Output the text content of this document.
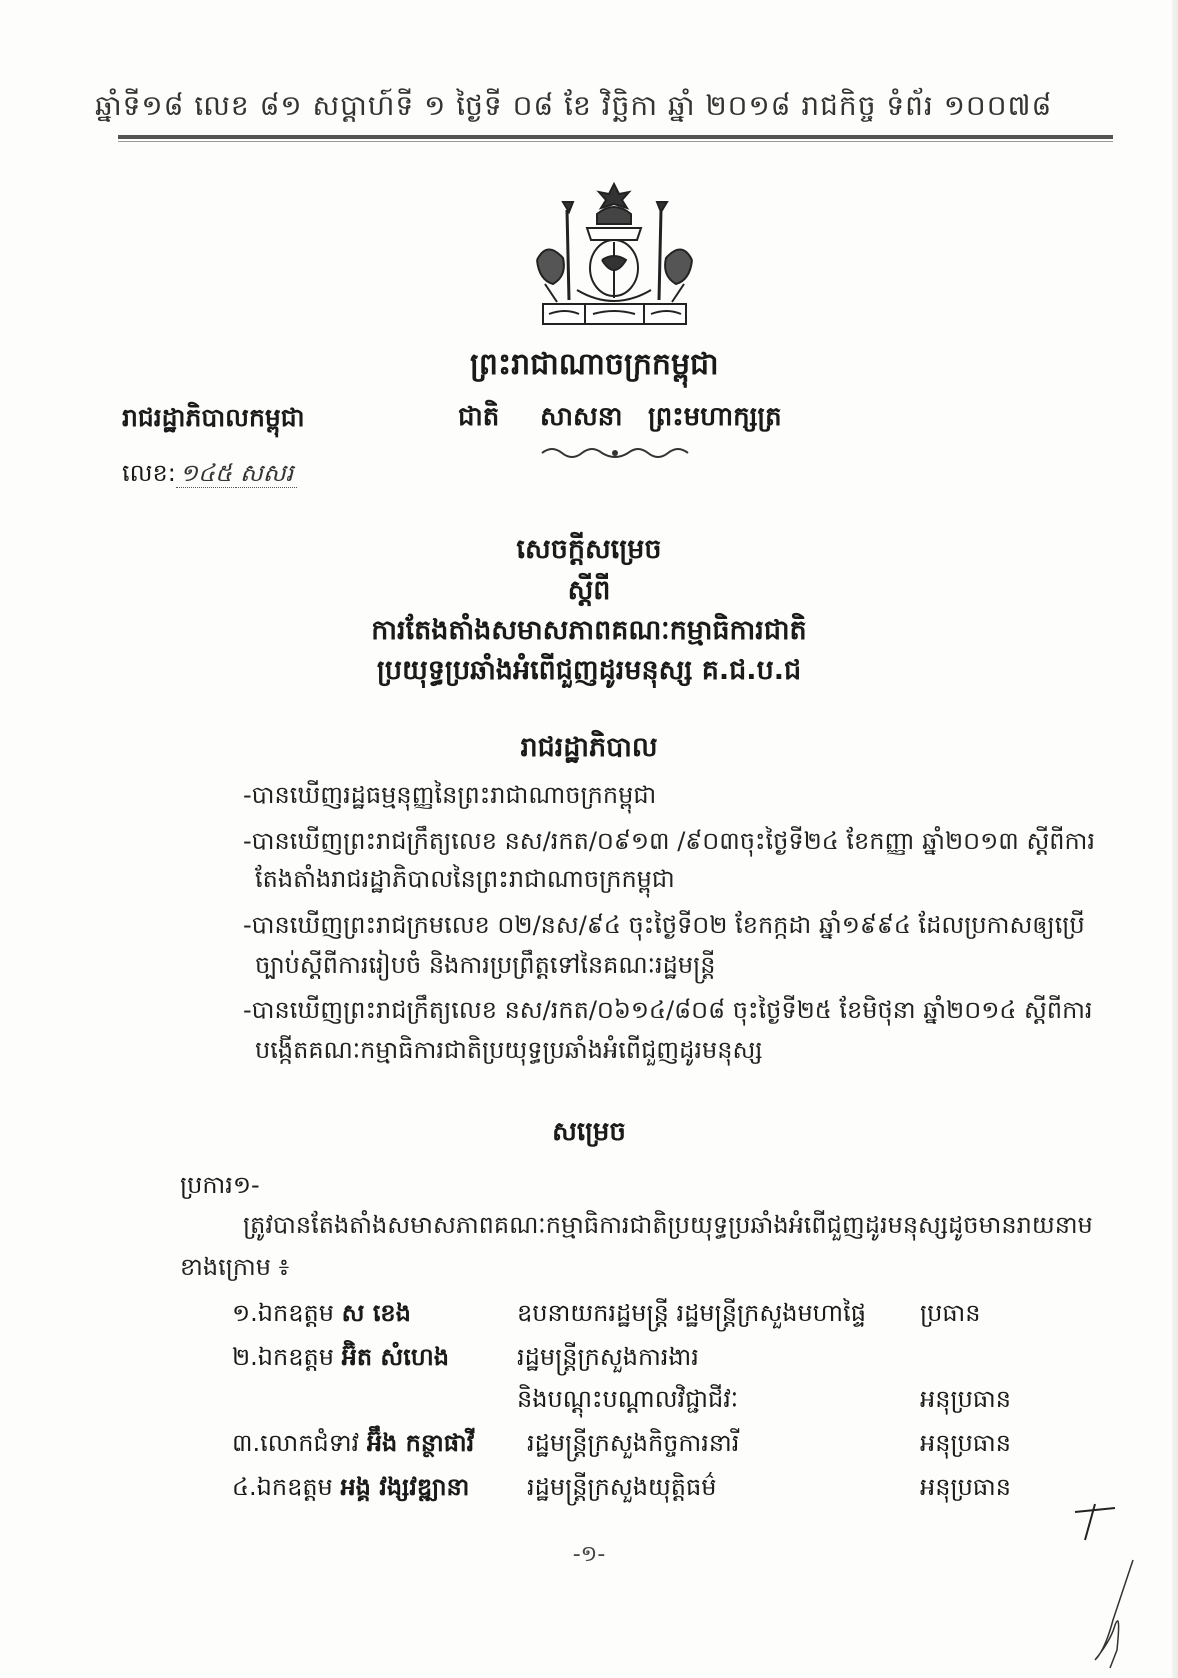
ឆ្នាំទី១៨ លេខ ៨១ សប្តាហ៍ទី ១ ថ្ងៃទី ០៨ ខែ វិច្ឆិកា ឆ្នាំ ២០១៨ រាជកិច្ច ទំព័រ ១០០៧៨
ព្រះរាជាណាចក្រកម្ពុជា
ជាតិ សាសនា ព្រះមហាក្សត្រ
រាជរដ្ឋាភិបាលកម្ពុជា
លេខ: ១៤៥ សសរ
សេចក្តីសម្រេច
ស្តីពី
ការតែងតាំងសមាសភាពគណៈកម្មាធិការជាតិ
ប្រយុទ្ធប្រឆាំងអំពើជួញដូរមនុស្ស គ.ជ.ប.ជ
រាជរដ្ឋាភិបាល
-បានឃើញរដ្ឋធម្មនុញ្ញនៃព្រះរាជាណាចក្រកម្ពុជា
-បានឃើញព្រះរាជក្រឹត្យលេខ នស/រកត/០៩១៣ /៩០៣ចុះថ្ងៃទី២៤ ខែកញ្ញា ឆ្នាំ២០១៣ ស្តីពីការ
តែងតាំងរាជរដ្ឋាភិបាលនៃព្រះរាជាណាចក្រកម្ពុជា
-បានឃើញព្រះរាជក្រមលេខ ០២/នស/៩៤ ចុះថ្ងៃទី០២ ខែកក្កដា ឆ្នាំ១៩៩៤ ដែលប្រកាសឲ្យប្រើ
ច្បាប់ស្តីពីការរៀបចំ និងការប្រព្រឹត្តទៅនៃគណៈរដ្ឋមន្ត្រី
-បានឃើញព្រះរាជក្រឹត្យលេខ នស/រកត/០៦១៤/៨០៨ ចុះថ្ងៃទី២៥ ខែមិថុនា ឆ្នាំ២០១៤ ស្តីពីការ
បង្កើតគណៈកម្មាធិការជាតិប្រយុទ្ធប្រឆាំងអំពើជួញដូរមនុស្ស
សម្រេច
ប្រការ១-
ត្រូវបានតែងតាំងសមាសភាពគណៈកម្មាធិការជាតិប្រយុទ្ធប្រឆាំងអំពើជួញដូរមនុស្សដូចមានរាយនាម
ខាងក្រោម ៖
១.ឯកឧត្តម ស ខេង	ឧបនាយករដ្ឋមន្ត្រី រដ្ឋមន្ត្រីក្រសួងមហាផ្ទៃ ប្រធាន
២.ឯកឧត្តម អ៊ិត សំហេង	រដ្ឋមន្ត្រីក្រសួងការងារ
និងបណ្តុះបណ្តាលវិជ្ជាជីវៈ	អនុប្រធាន
៣.លោកជំទាវ អ៊ឹង កន្ថាផាវី រដ្ឋមន្ត្រីក្រសួងកិច្ចការនារី	អនុប្រធាន
៤.ឯកឧត្តម អង្គ វង្សវឌ្ឍានា រដ្ឋមន្ត្រីក្រសួងយុត្តិធម៌	អនុប្រធាន
-១-
